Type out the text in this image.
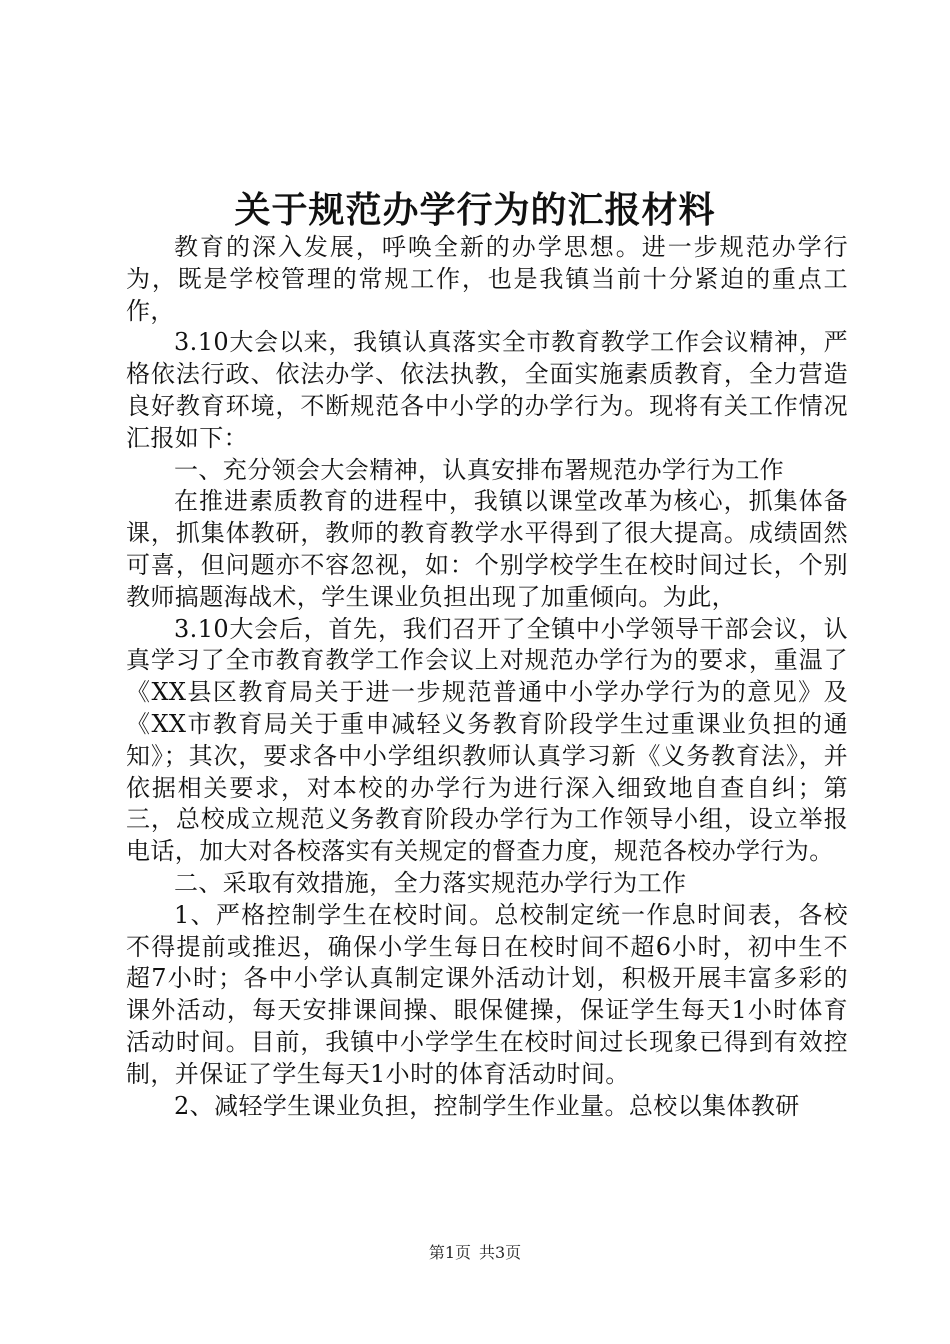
关于规范办学行为的汇报材料

教育的深入发展，呼唤全新的办学思想。进一步规范办学行为，既是学校管理的常规工作，也是我镇当前十分紧迫的重点工作，

3.10大会以来，我镇认真落实全市教育教学工作会议精神，严格依法行政、依法办学、依法执教，全面实施素质教育，全力营造良好教育环境，不断规范各中小学的办学行为。现将有关工作情况汇报如下：

一、充分领会大会精神，认真安排布署规范办学行为工作

在推进素质教育的进程中，我镇以课堂改革为核心，抓集体备课，抓集体教研，教师的教育教学水平得到了很大提高。成绩固然可喜，但问题亦不容忽视，如：个别学校学生在校时间过长，个别教师搞题海战术，学生课业负担出现了加重倾向。为此，

3.10大会后，首先，我们召开了全镇中小学领导干部会议，认真学习了全市教育教学工作会议上对规范办学行为的要求，重温了《XX县区教育局关于进一步规范普通中小学办学行为的意见》及《XX市教育局关于重申减轻义务教育阶段学生过重课业负担的通知》；其次，要求各中小学组织教师认真学习新《义务教育法》，并依据相关要求，对本校的办学行为进行深入细致地自查自纠；第三，总校成立规范义务教育阶段办学行为工作领导小组，设立举报电话，加大对各校落实有关规定的督查力度，规范各校办学行为。

二、采取有效措施，全力落实规范办学行为工作

1、严格控制学生在校时间。总校制定统一作息时间表，各校不得提前或推迟，确保小学生每日在校时间不超6小时，初中生不超7小时；各中小学认真制定课外活动计划，积极开展丰富多彩的课外活动，每天安排课间操、眼保健操，保证学生每天1小时体育活动时间。目前，我镇中小学学生在校时间过长现象已得到有效控制，并保证了学生每天1小时的体育活动时间。

2、减轻学生课业负担，控制学生作业量。总校以集体教研

第1页 共3页
